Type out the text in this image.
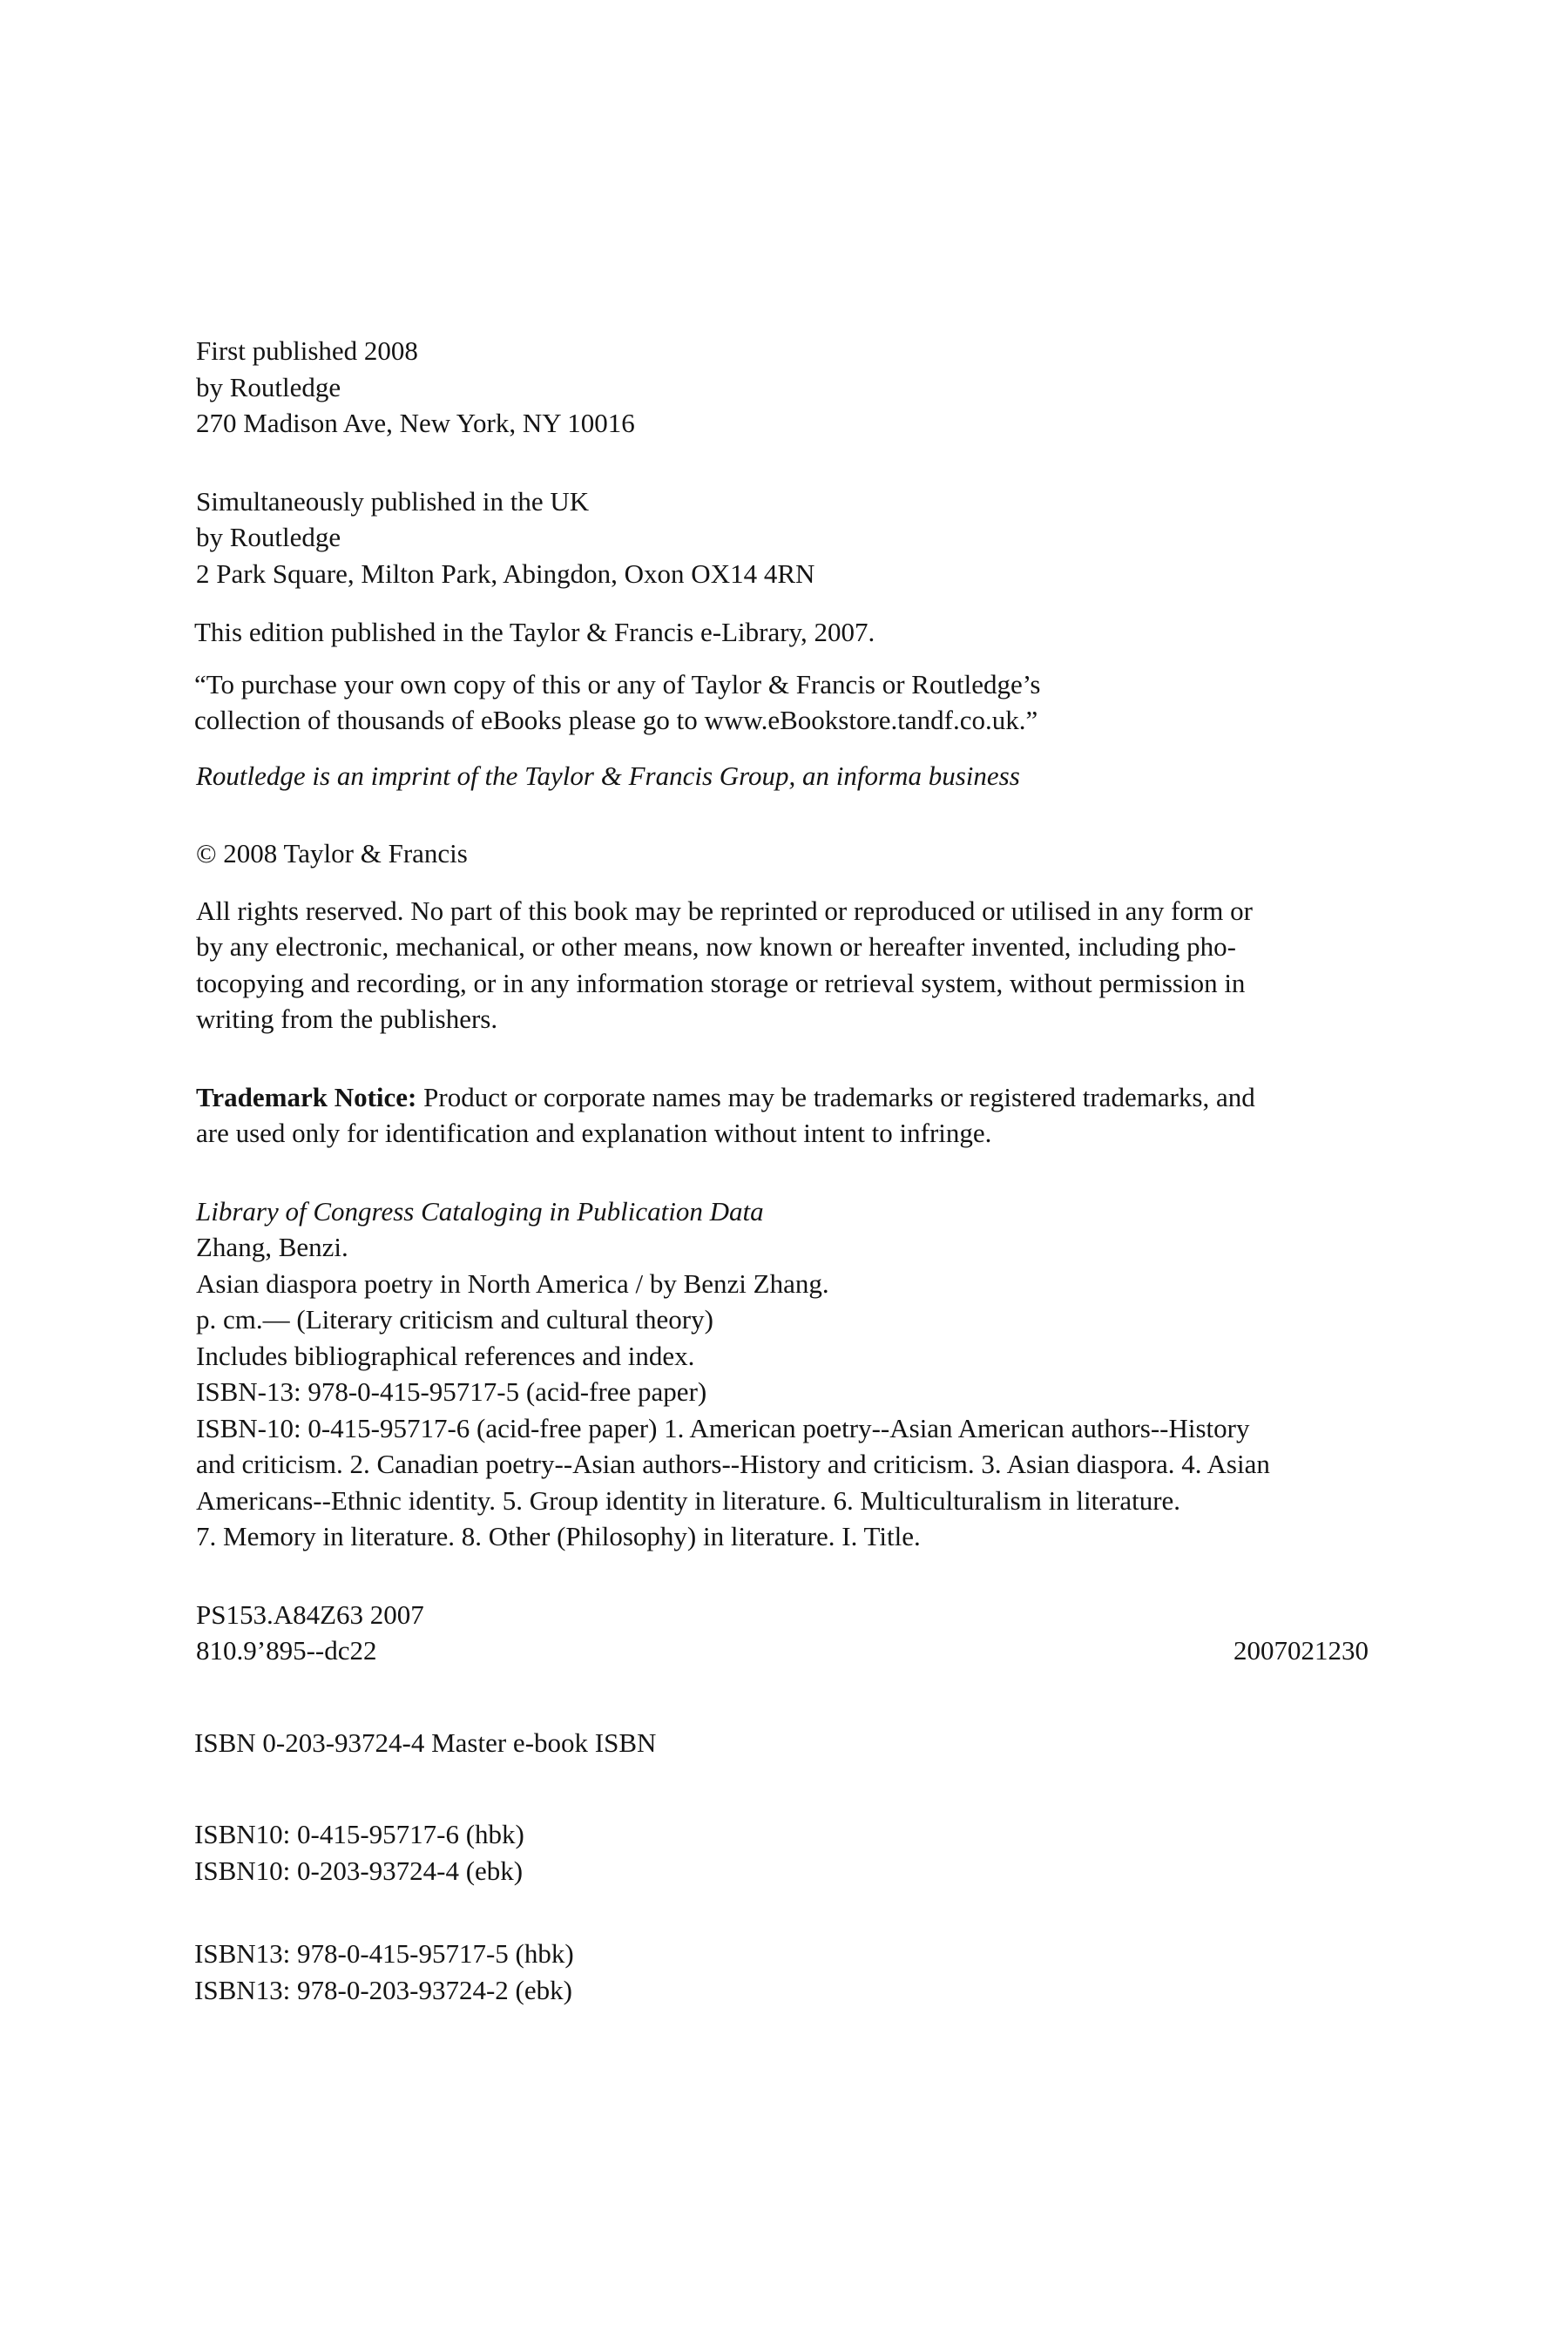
First published 2008
by Routledge
270 Madison Ave, New York, NY 10016
Simultaneously published in the UK
by Routledge
2 Park Square, Milton Park, Abingdon, Oxon OX14 4RN
This edition published in the Taylor & Francis e-Library, 2007.
“To purchase your own copy of this or any of Taylor & Francis or Routledge’s
collection of thousands of eBooks please go to www.eBookstore.tandf.co.uk.”
Routledge is an imprint of the Taylor & Francis Group, an informa business
© 2008 Taylor & Francis
All rights reserved. No part of this book may be reprinted or reproduced or utilised in any form or
by any electronic, mechanical, or other means, now known or hereafter invented, including pho-
tocopying and recording, or in any information storage or retrieval system, without permission in
writing from the publishers.
Trademark Notice: Product or corporate names may be trademarks or registered trademarks, and
are used only for identification and explanation without intent to infringe.
Library of Congress Cataloging in Publication Data
Zhang, Benzi.
Asian diaspora poetry in North America / by Benzi Zhang.
p. cm.— (Literary criticism and cultural theory)
Includes bibliographical references and index.
ISBN-13: 978-0-415-95717-5 (acid-free paper)
ISBN-10: 0-415-95717-6 (acid-free paper) 1. American poetry--Asian American authors--History
and criticism. 2. Canadian poetry--Asian authors--History and criticism. 3. Asian diaspora. 4. Asian
Americans--Ethnic identity. 5. Group identity in literature. 6. Multiculturalism in literature.
7. Memory in literature. 8. Other (Philosophy) in literature. I. Title.
PS153.A84Z63 2007
810.9’895--dc22	2007021230
ISBN 0-203-93724-4 Master e-book ISBN
ISBN10: 0-415-95717-6 (hbk)
ISBN10: 0-203-93724-4 (ebk)
ISBN13: 978-0-415-95717-5 (hbk)
ISBN13: 978-0-203-93724-2 (ebk)
